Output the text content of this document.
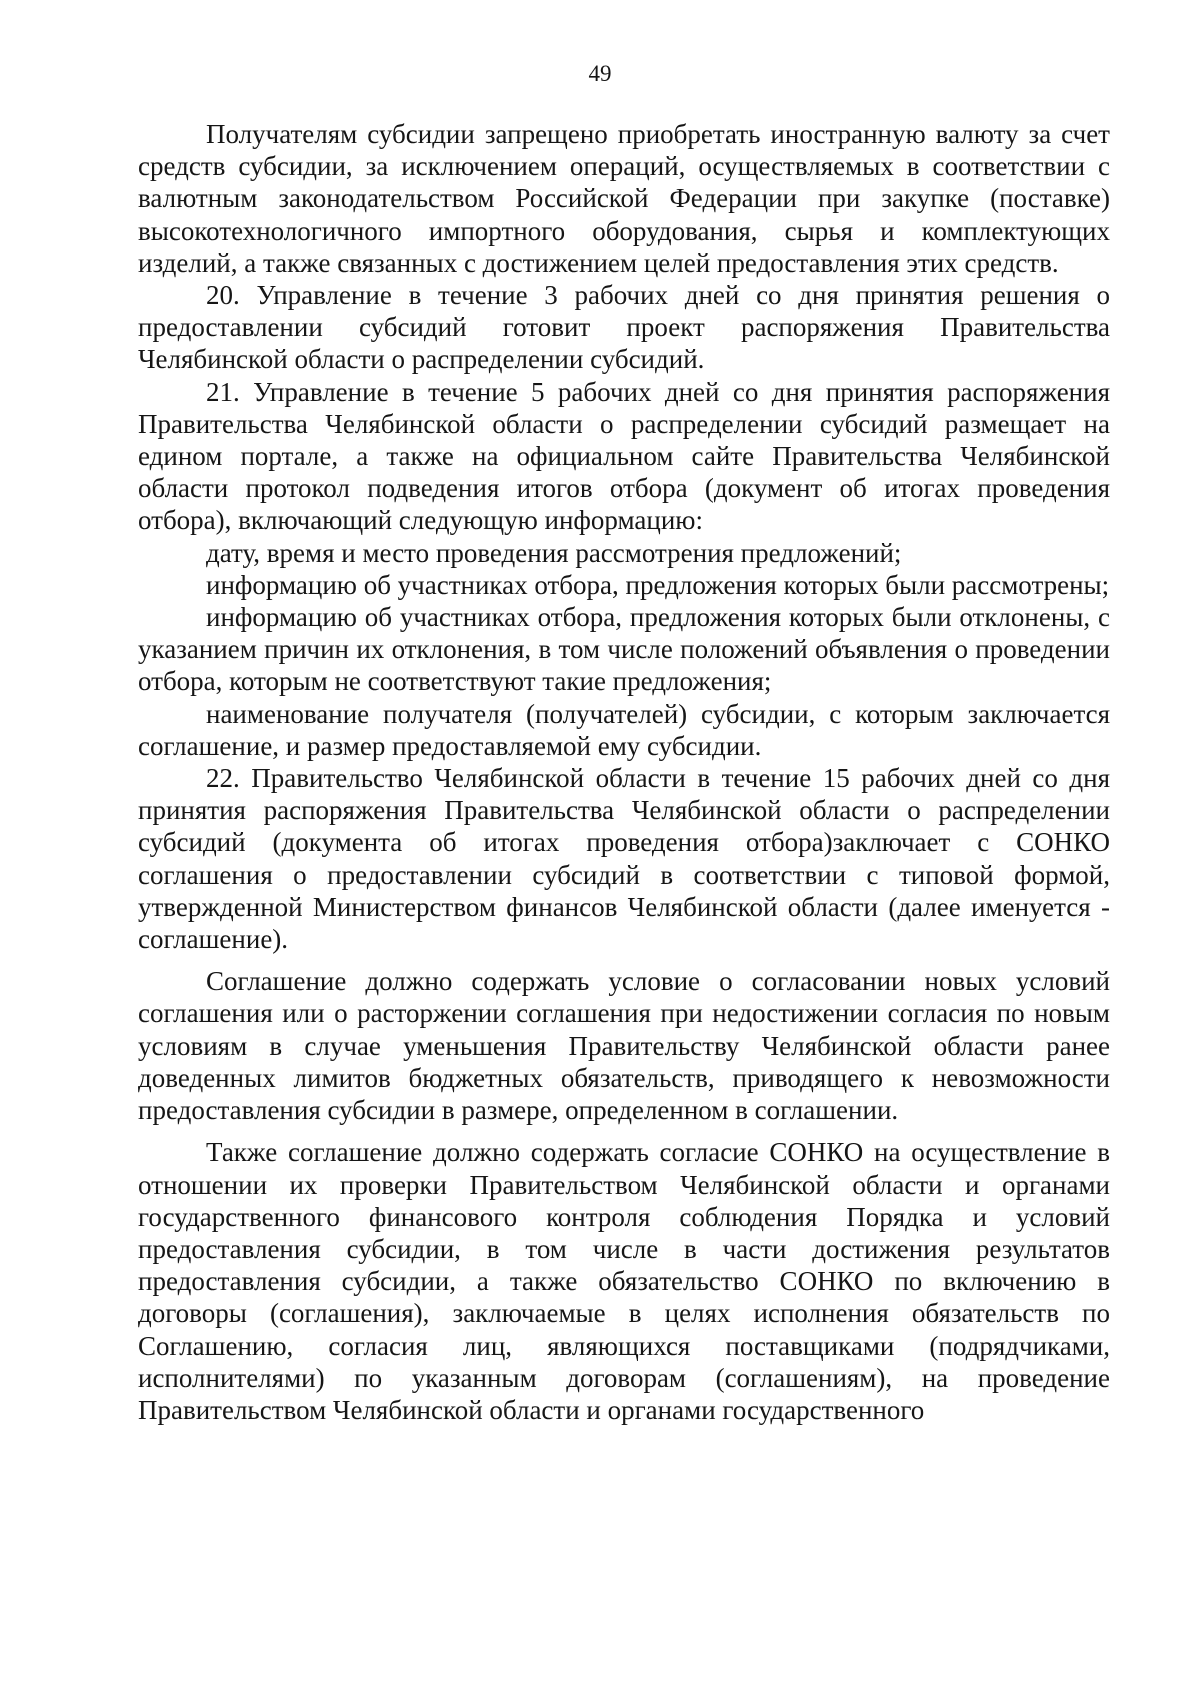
49

Получателям субсидии запрещено приобретать иностранную валюту за счет средств субсидии, за исключением операций, осуществляемых в соответствии с валютным законодательством Российской Федерации при закупке (поставке) высокотехнологичного импортного оборудования, сырья и комплектующих изделий, а также связанных с достижением целей предоставления этих средств.

20. Управление в течение 3 рабочих дней со дня принятия решения о предоставлении субсидий готовит проект распоряжения Правительства Челябинской области о распределении субсидий.

21. Управление в течение 5 рабочих дней со дня принятия распоряжения Правительства Челябинской области о распределении субсидий размещает на едином портале, а также на официальном сайте Правительства Челябинской области протокол подведения итогов отбора (документ об итогах проведения отбора), включающий следующую информацию:

дату, время и место проведения рассмотрения предложений;

информацию об участниках отбора, предложения которых были рассмотрены;

информацию об участниках отбора, предложения которых были отклонены, с указанием причин их отклонения, в том числе положений объявления о проведении отбора, которым не соответствуют такие предложения;

наименование получателя (получателей) субсидии, с которым заключается соглашение, и размер предоставляемой ему субсидии.

22. Правительство Челябинской области в течение 15 рабочих дней со дня принятия распоряжения Правительства Челябинской области о распределении субсидий (документа об итогах проведения отбора)заключает с СОНКО соглашения о предоставлении субсидий в соответствии с типовой формой, утвержденной Министерством финансов Челябинской области (далее именуется - соглашение).

Соглашение должно содержать условие о согласовании новых условий соглашения или о расторжении соглашения при недостижении согласия по новым условиям в случае уменьшения Правительству Челябинской области ранее доведенных лимитов бюджетных обязательств, приводящего к невозможности предоставления субсидии в размере, определенном в соглашении.

Также соглашение должно содержать согласие СОНКО на осуществление в отношении их проверки Правительством Челябинской области и органами государственного финансового контроля соблюдения Порядка и условий предоставления субсидии, в том числе в части достижения результатов предоставления субсидии, а также обязательство СОНКО по включению в договоры (соглашения), заключаемые в целях исполнения обязательств по Соглашению, согласия лиц, являющихся поставщиками (подрядчиками, исполнителями) по указанным договорам (соглашениям), на проведение Правительством Челябинской области и органами государственного
